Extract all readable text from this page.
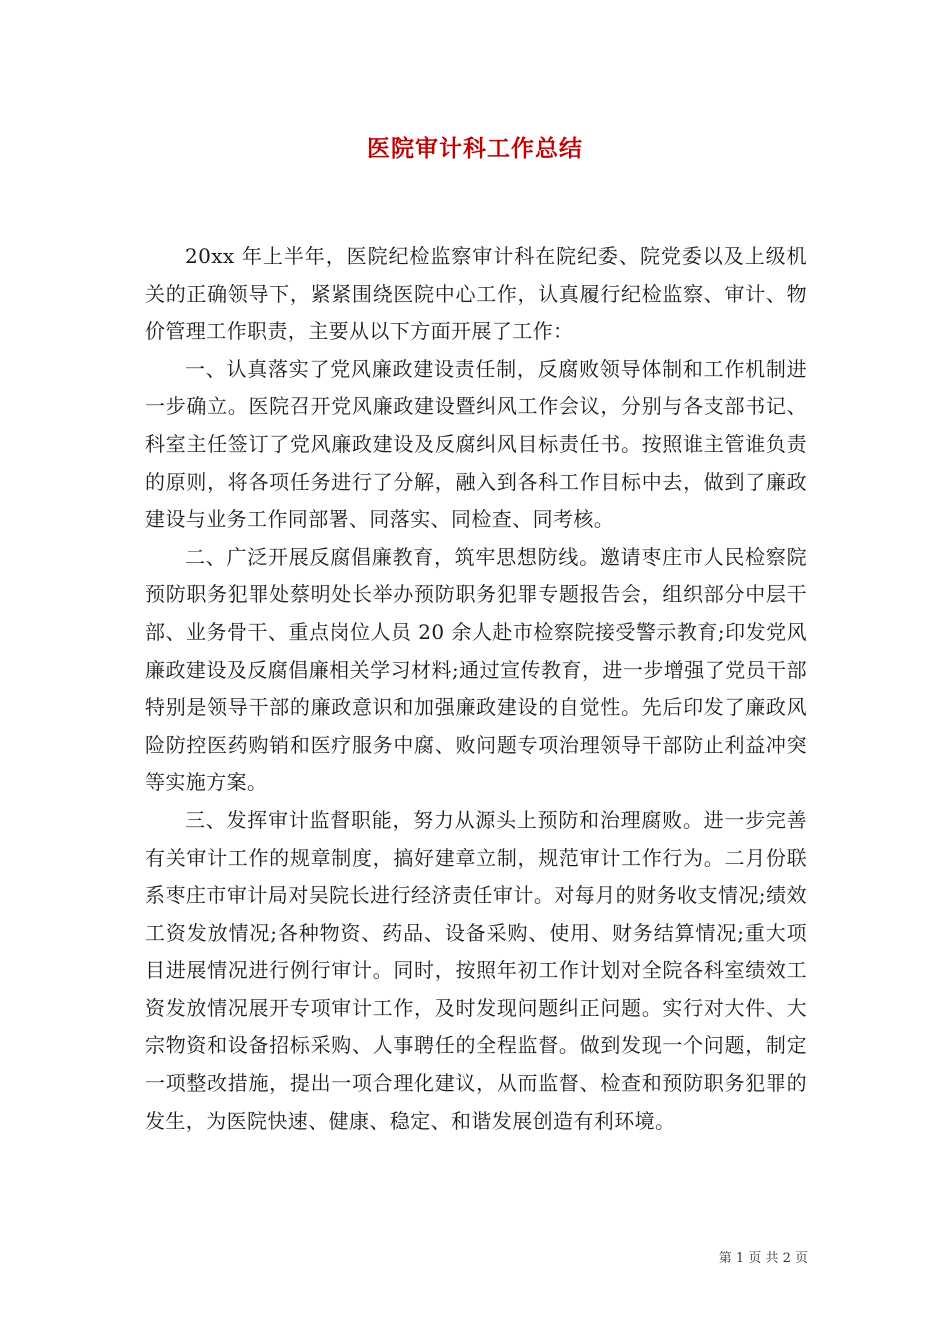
医院审计科工作总结

20xx 年上半年，医院纪检监察审计科在院纪委、院党委以及上级机关的正确领导下，紧紧围绕医院中心工作，认真履行纪检监察、审计、物价管理工作职责，主要从以下方面开展了工作：

一、认真落实了党风廉政建设责任制，反腐败领导体制和工作机制进一步确立。医院召开党风廉政建设暨纠风工作会议，分别与各支部书记、科室主任签订了党风廉政建设及反腐纠风目标责任书。按照谁主管谁负责的原则，将各项任务进行了分解，融入到各科工作目标中去，做到了廉政建设与业务工作同部署、同落实、同检查、同考核。

二、广泛开展反腐倡廉教育，筑牢思想防线。邀请枣庄市人民检察院预防职务犯罪处蔡明处长举办预防职务犯罪专题报告会，组织部分中层干部、业务骨干、重点岗位人员 20 余人赴市检察院接受警示教育;印发党风廉政建设及反腐倡廉相关学习材料;通过宣传教育，进一步增强了党员干部特别是领导干部的廉政意识和加强廉政建设的自觉性。先后印发了廉政风险防控医药购销和医疗服务中腐、败问题专项治理领导干部防止利益冲突等实施方案。

三、发挥审计监督职能，努力从源头上预防和治理腐败。进一步完善有关审计工作的规章制度，搞好建章立制，规范审计工作行为。二月份联系枣庄市审计局对吴院长进行经济责任审计。对每月的财务收支情况;绩效工资发放情况;各种物资、药品、设备采购、使用、财务结算情况;重大项目进展情况进行例行审计。同时，按照年初工作计划对全院各科室绩效工资发放情况展开专项审计工作，及时发现问题纠正问题。实行对大件、大宗物资和设备招标采购、人事聘任的全程监督。做到发现一个问题，制定一项整改措施，提出一项合理化建议，从而监督、检查和预防职务犯罪的发生，为医院快速、健康、稳定、和谐发展创造有利环境。

第 1 页 共 2 页
